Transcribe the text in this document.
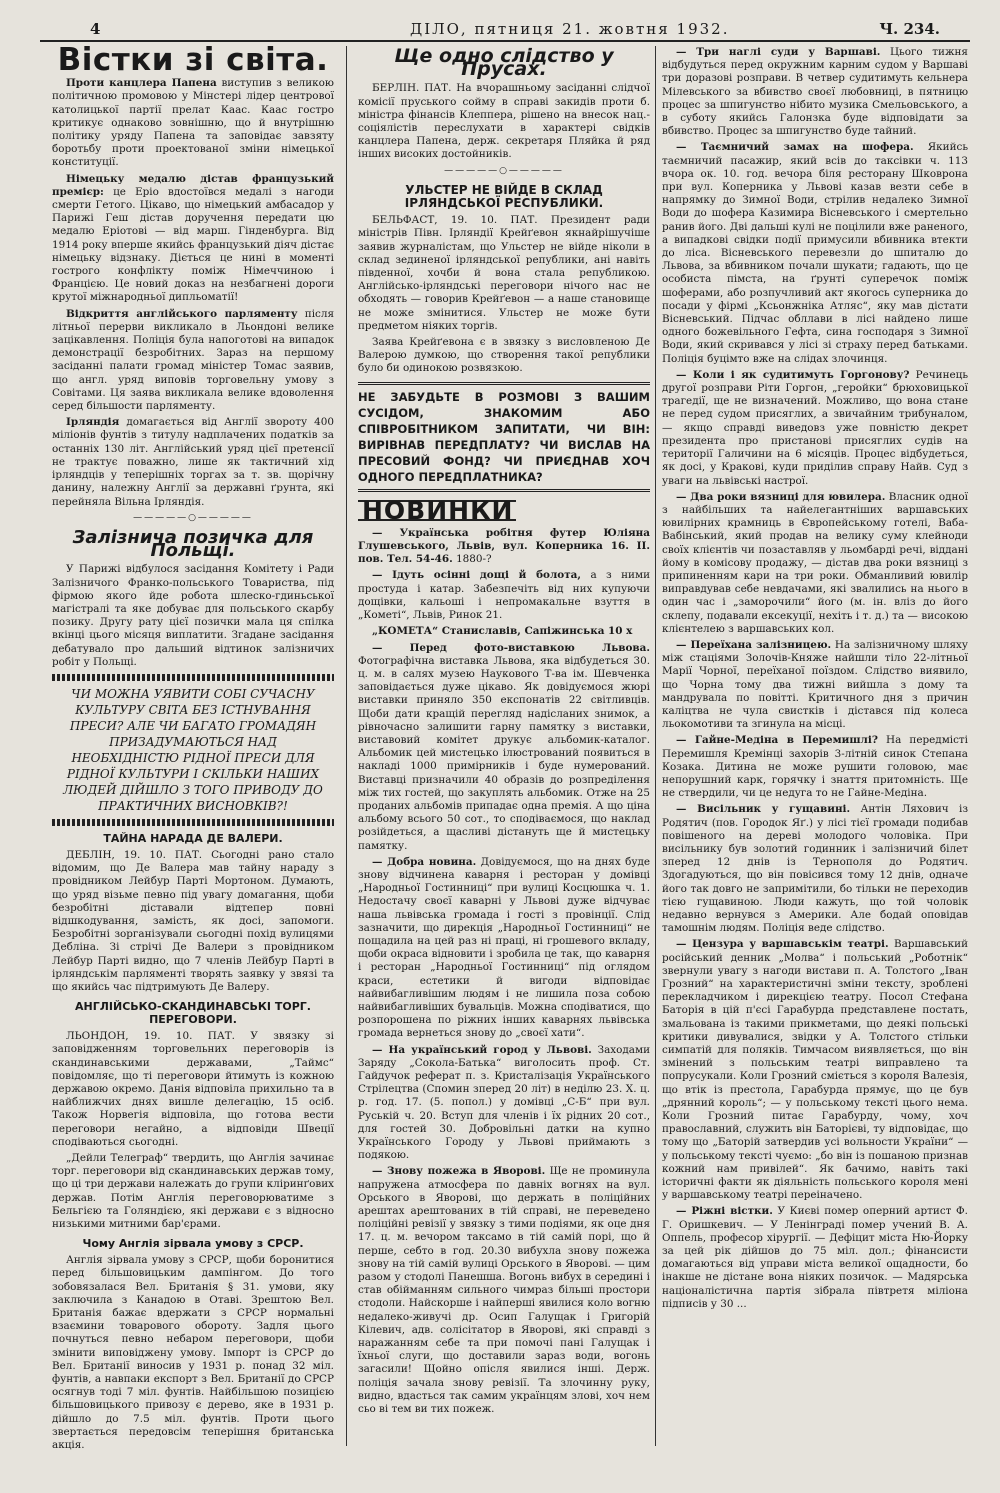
4	ДІЛО, пятниця 21. жовтня 1932.	Ч. 234.
Вістки зі світа.

Проти канцлера Папена виступив з великою політичною промовою у Мінстері лідер центрової католицької партії прелат Каас. Каас гостро критикує однаково зовнішню, що й внутрішню політику уряду Папена та заповідає завзяту боротьбу проти проектованої зміни німецької конституції.

Німецьку медалю дістав французький премієр: це Еріо вдостоївся медалі з нагоди смерти Гетого. Цікаво, що німецький амбасадор у Парижі Геш дістав доручення передати цю медалю Еріотові — від марш. Гінденбурга. Від 1914 року вперше якийсь французький діяч дістає німецьку відзнаку. Діється це нині в моменті гострого конфлікту поміж Німеччиною і Францією. Це новий доказ на незбагнені дороги крутої міжнародньої дипльоматії!

Відкриття англійського парляменту після літньої перерви викликало в Льондоні велике зацікавлення. Поліція була напоготові на випадок демонстрації безробітних. Зараз на першому засіданні палати громад міністер Томас заявив, що англ. уряд виповів торговельну умову з Совітами. Ця заява викликала велике вдоволення серед більшости парляменту.

Ірляндія домагається від Англії звороту 400 міліонів фунтів з титулу надплачених податків за останніх 130 літ. Англійський уряд цієї претенсії не трактує поважно, лише як тактичний хід ірляндців у теперішніх торгах за т. зв. щорічну данину, належну Англії за державні ґрунта, які перейняла Вільна Ірляндія.

—————○—————
Залізнича позичка для Польщі.

У Парижі відбулося засідання Комітету і Ради Залізничого Франко-польського Товариства, під фірмою якого йде робота шлеско-гдиньської магістралі та яке добуває для польського скарбу позику. Другу рату цієї позички мала ця спілка вкінці цього місяця виплатити. Згадане засідання дебатувало про дальший відтинок залізничих робіт у Польщі.

ЧИ МОЖНА УЯВИТИ СОБІ СУЧАСНУ КУЛЬТУРУ СВІТА БЕЗ ІСТНУВАННЯ ПРЕСИ? АЛЕ ЧИ БАГАТО ГРОМАДЯН ПРИЗАДУМАЮТЬСЯ НАД НЕОБХІДНІСТЮ РІДНОЇ ПРЕСИ ДЛЯ РІДНОЇ КУЛЬТУРИ І СКІЛЬКИ НАШИХ ЛЮДЕЙ ДІЙШЛО З ТОГО ПРИВОДУ ДО ПРАКТИЧНИХ ВИСНОВКІВ?!
ТАЙНА НАРАДА ДЕ ВАЛЕРИ.

ДЕБЛІН, 19. 10. ПАТ. Сьогодні рано стало відомим, що Де Валера мав тайну нараду з провідником Лейбур Парті Мортоном. Думають, що уряд візьме певно під увагу домагання, щоби безробітні діставали відтепер повні відшкодування, замість, як досі, запомоги. Безробітні зорганізували сьогодні похід вулицями Дебліна. Зі стрічі Де Валери з провідником Лейбур Парті видно, що 7 членів Лейбур Парті в ірляндськім парляменті творять заявку у звязі та що якийсь час підтримують Де Валеру.

АНГЛІЙСЬКО-СКАНДИНАВСЬКІ ТОРГ. ПЕРЕГОВОРИ.

ЛЬОНДОН, 19. 10. ПАТ. У звязку зі заповідженням торговельних переговорів із скандинавськими державами, „Таймс“ повідомляє, що ті переговори йтимуть із кожною державою окремо. Данія відповіла прихильно та в найближчих днях вишле делегацію, 15 осіб. Також Норвегія відповіла, що готова вести переговори негайно, а відповіди Швеції сподіваються сьогодні.

„Дейли Телеграф“ твердить, що Англія зачинає торг. переговори від скандинавських держав тому, що ці три держави належать до групи кліринґових держав. Потім Англія переговорюватиме з Бельгією та Голяндією, які держави є з відносно низькими митними бар'єрами.

Чому Англія зірвала умову з СРСР.

Англія зірвала умову з СРСР, щоби боронитися перед більшовицьким дампінгом. До того зобовязалася Вел. Британія § 31. умови, яку заключила з Канадою в Отаві. Зрештою Вел. Британія бажає вдержати з СРСР нормальні взаємини товарового обороту. Задля цього почнуться певно небаром переговори, щоби змінити виповіджену умову. Імпорт із СРСР до Вел. Британії виносив у 1931 р. понад 32 міл. фунтів, а навпаки експорт з Вел. Британії до СРСР осягнув тоді 7 міл. фунтів. Найбільшою позицією більшовицького привозу є дерево, яке в 1931 р. дійшло до 7.5 міл. фунтів. Проти цього звертається передовсім теперішня британська акція.

Ще одно слідство у Прусах.

БЕРЛІН. ПАТ. На вчорашньому засіданні слідчої комісії пруського сойму в справі закидів проти б. міністра фінансів Клеппера, рішено на внесок нац.-соціялістів переслухати в характері свідків канцлера Папена, держ. секретаря Пляйка й ряд інших високих достойників.

—————○—————
УЛЬСТЕР НЕ ВІЙДЕ В СКЛАД ІРЛЯНДСЬКОЇ РЕСПУБЛИКИ.

БЕЛЬФАСТ, 19. 10. ПАТ. Президент ради міністрів Півн. Ірляндії Крейґевон якнайрішучіше заявив журналістам, що Ульстер не війде ніколи в склад зединеної ірляндської републики, ані навіть південної, хочби й вона стала републикою. Англійсько-ірляндські переговори нічого нас не обходять — говорив Крейґевон — а наше становище не може змінитися. Ульстер не може бути предметом ніяких торгів.

Заява Крейґевона є в звязку з висловленою Де Валерою думкою, що створення такої републики було би одинокою розвязкою.

НЕ ЗАБУДЬТЕ В РОЗМОВІ З ВАШИМ СУСІДОМ, ЗНАКОМИМ АБО СПІВРОБІТНИКОМ ЗАПИТАТИ, ЧИ ВІН: ВИРІВНАВ ПЕРЕДПЛАТУ? ЧИ ВИСЛАВ НА ПРЕСОВИЙ ФОНД? ЧИ ПРИЄДНАВ ХОЧ ОДНОГО ПЕРЕДПЛАТНИКА?
НОВИНКИ

— Українська робітня футер Юліяна Глушевського, Львів, вул. Коперника 16. II. пов. Тел. 54-46. 1880-?

— Ідуть осінні дощі й болота, а з ними простуда і катар. Забезпечіть від них купуючи дощівки, кальоші і непромакальне взуття в „Кометі“, Львів, Ринок 21.

„КОМЕТА“ Станиславів, Сапіжинська 10 x

— Перед фото-виставкою Львова. Фотографічна виставка Львова, яка відбудеться 30. ц. м. в салях музею Наукового Т-ва ім. Шевченка заповідається дуже цікаво. Як довідуємося жюрі виставки приняло 350 експонатів 22 світливців. Щоби дати кращій перегляд надісланих знимок, а рівночасно залишити гарну памятку з виставки, виставовий комітет друкує альбомик-каталог. Альбомик цей мистецько ілюстрований появиться в накладі 1000 примірників і буде нумерований. Виставці призначили 40 образів до розпреділення між тих гостей, що закуплять альбомик. Отже на 25 проданих альбомів припадає одна премія. А що ціна альбому всього 50 сот., то сподіваємося, що наклад розійдеться, а щасливі дістануть ще й мистецьку памятку.

— Добра новина. Довідуємося, що на днях буде знову відчинена каварня і ресторан у домівці „Народньої Гостинниці“ при вулиці Косцюшка ч. 1. Недостачу своєї каварні у Львові дуже відчуває наша львівська громада і гості з провінції. Слід зазначити, що дирекція „Народньої Гостинниці“ не пощадила на цей раз ні праці, ні грошевого вкладу, щоби окраса відновити і зробила це так, що каварня і ресторан „Народньої Гостинниці“ під оглядом краси, естетики й вигоди відповідає найвибагливішим людям і не лишила поза собою найвибагливіших бувальців. Можна сподіватися, що розпорошена по ріжних інших каварнях львівська громада вернеться знову до „своєї хати“.

— На український город у Львові. Заходами Заряду „Сокола-Батька“ виголосить проф. Ст. Гайдучок реферат п. з. Кристалізація Українського Стрілецтва (Спомин зперед 20 літ) в неділю 23. Х. ц. р. год. 17. (5. попол.) у домівці „С-Б“ при вул. Руській ч. 20. Вступ для членів і їх рідних 20 сот., для гостей 30. Добровільні датки на купно Українського Городу у Львові приймають з подякою.

— Знову пожежа в Яворові. Ще не проминула напружена атмосфера по давніх вогнях на вул. Орського в Яворові, що держать в поліційних арештах арештованих в тій справі, не переведено поліційні ревізії у звязку з тими подіями, як оце дня 17. ц. м. вечором таксамо в тій самій порі, що й перше, себто в год. 20.30 вибухла знову пожежа знову на тій самій вулиці Орського в Яворові. — цим разом у стодолі Панешша. Вогонь вибух в середині і став обійманням сильного чимраз більші простори стодоли. Найскорше і найперші явилися коло вогню недалеко-живучі др. Осип Галущак і Григорій Кілевич, адв. солісітатор в Яворові, які справді з наражанням себе та при помочі пані Галущак і їхньої слуги, що доставили зараз води, вогонь загасили! Щойно опісля явилися інші. Держ. поліція зачала знову ревізії. Та злочинну руку, видно, вдасться так самим українцям злові, хоч нем сьо ві тем ви тих пожеж.

— Три наглі суди у Варшаві. Цього тижня відбудуться перед окружним карним судом у Варшаві три доразові розправи. В четвер судитимуть кельнера Мілевського за вбивство своєї любовниці, в пятницю процес за шпигунство нібито музика Смельовського, а в суботу якийсь Галонзка буде відповідати за вбивство. Процес за шпигунство буде тайний.

— Таємничий замах на шофера. Якийсь таємничий пасажир, який всів до таксівки ч. 113 вчора ок. 10. год. вечора біля ресторану Шковрона при вул. Коперника у Львові казав везти себе в напрямку до Зимної Води, стрілив недалеко Зимної Води до шофера Казимира Вісневського і смертельно ранив його. Дві дальші кулі не поцілили вже раненого, а випадкові свідки події примусили вбивника втекти до ліса. Вісневського перевезли до шпиталю до Львова, за вбивником почали шукати; гадають, що це особиста пімста, на ґрунті суперечок поміж шоферами, або розпучливий акт якогось суперника до посади у фірмі „Ксьонжніка Атляс“, яку мав дістати Вісневський. Підчас обллави в лісі найдено лише одного божевільного Гефта, сина господаря з Зимної Води, який скривався у лісі зі страху перед батьками. Поліція буцімто вже на слідах злочинця.

— Коли і як судитимуть Горгонову? Речинець другої розправи Ріти Горгон, „геройки“ брюховицької трагедії, ще не визначений. Можливо, що вона стане не перед судом присяглих, а звичайним трибуналом, — якщо справді виведовз уже повністю декрет президента про пристанові присяглих судів на території Галичини на 6 місяців. Процес відбудеться, як досі, у Кракові, куди приділив справу Найв. Суд з уваги на львівські настрої.

— Два роки вязниці для ювилера. Власник одної з найбільших та найелегантніших варшавських ювилірних крамниць в Європейському готелі, Ваба-Вабінський, який продав на велику суму клейноди своїх клієнтів чи позаставляв у льомбарді речі, віддані йому в комісову продажу, — дістав два роки вязниці з припиненням кари на три роки. Обманливий ювилір виправдував себе невдачами, які звалились на нього в один час і „заморочили“ його (м. ін. вліз до його склепу, подавали ексекуції, нехіть і т. д.) та — високою клієнтелею з варшавських кол.

— Переїхана залізницею. На залізничному шляху між стаціями Золочів-Княже найшли тіло 22-літньої Марії Чорної, переїханої поїздом. Слідство виявило, що Чорна тому два тижні вийшла з дому та мандрувала по повітті. Критичного дня з причин каліцтва не чула свистків і дістався під колеса льокомотиви та згинула на місці.

— Гайне-Медіна в Перемишлі? На передмісті Перемишля Кремінці захорів 3-літній синок Степана Козака. Дитина не може рушити головою, має непорушний карк, горячку і знаття притомність. Ще не ствердили, чи це недуга то не Гайне-Медіна.

— Висільник у гущавині. Антін Ляхович із Родятич (пов. Городок Яґ.) у лісі тієї громади подибав повішеного на дереві молодого чоловіка. При висільнику був золотий годинник і залізничий білет зперед 12 днів із Тернополя до Родятич. Здогадуються, що він повісився тому 12 днів, одначе його так довго не запримітили, бо тільки не переходив тією гущавиною. Люди кажуть, що той чоловік недавно вернувся з Америки. Але бодай оповідав тамошнім людям. Поліція веде слідство.

— Цензура у варшавськім театрі. Варшавський російський денник „Молва“ і польський „Роботнік“ звернули увагу з нагоди вистави п. А. Толстого „Іван Грозний“ на характеристичні зміни тексту, зроблені перекладчиком і дирекцією театру. Посол Стефана Баторія в цій п'єсі Гарабурда представлене постать, змальована із такими прикметами, що деякі польські критики дивувалися, звідки у А. Толстого стільки симпатій для поляків. Тимчасом виявляється, що він змінений з польським театрі виправлено та попрусукали. Коли Грозний сміється з короля Валезія, що втік із престола, Гарабурда прямує, що це був „дрянний король“; — у польському тексті цього нема. Коли Грозний питає Гарабурду, чому, хоч православний, служить він Баторієві, ту відповідає, що тому що „Баторій затвердив усі вольности України“ — у польському тексті чуємо: „бо він із пошаною признав кожний нам привілей“. Як бачимо, навіть такі історичні факти як діяльність польського короля мені у варшавському театрі переіначено.

— Ріжні вістки. У Києві помер оперний артист Ф. Г. Оришкевич. — У Ленінграді помер учений В. А. Оппель, професор хірургії. — Дефіцит міста Ню-Йорку за цей рік дійшов до 75 міл. дол.; фінансисти домагаються від управи міста великої ощадности, бо інакше не дістане вона ніяких позичок. — Мадярська націоналістична партія зібрала півтретя міліона підписів у 30 ...
